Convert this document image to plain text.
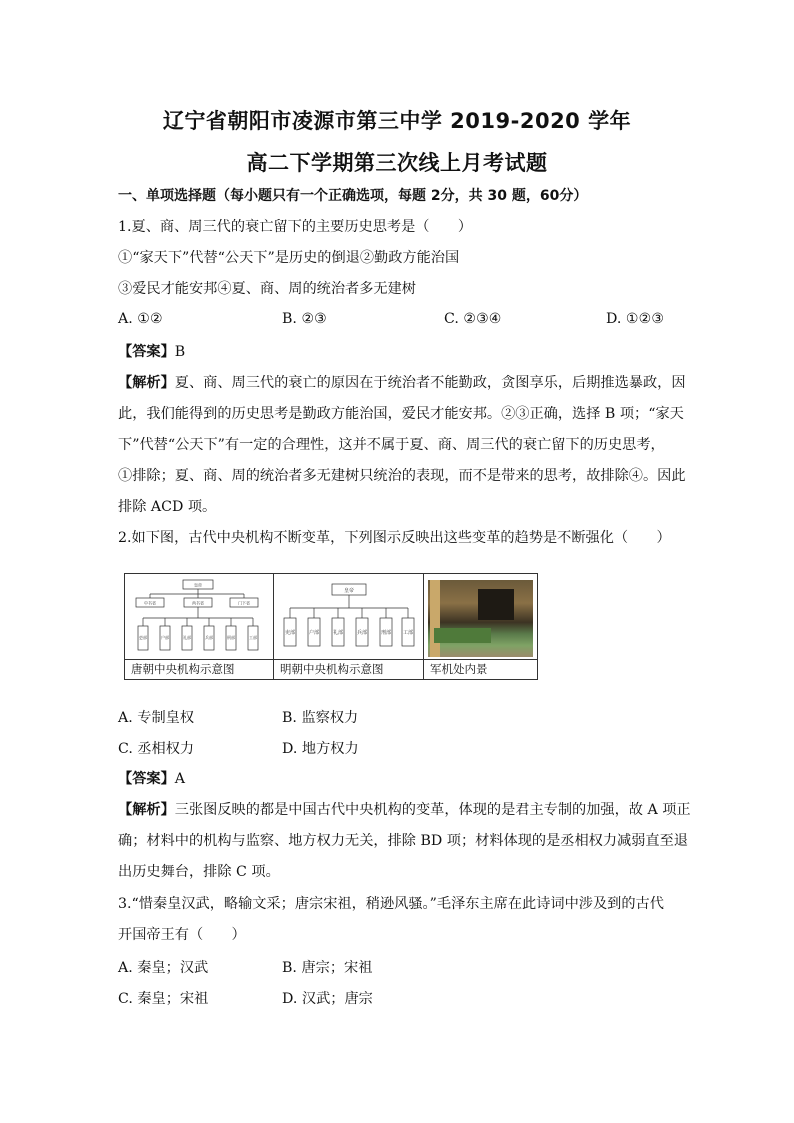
辽宁省朝阳市凌源市第三中学 2019-2020 学年
高二下学期第三次线上月考试题
一、单项选择题（每小题只有一个正确选项，每题 2分，共 30 题，60分）
1.夏、商、周三代的衰亡留下的主要历史思考是（　　）
①“家天下”代替“公天下”是历史的倒退②勤政方能治国
③爱民才能安邦④夏、商、周的统治者多无建树
A. ①②	B. ②③	C. ②③④	D. ①②③
【答案】B
【解析】夏、商、周三代的衰亡的原因在于统治者不能勤政，贪图享乐，后期推选暴政，因
此，我们能得到的历史思考是勤政方能治国，爱民才能安邦。②③正确，选择 B 项；“家天
下”代替“公天下”有一定的合理性，这并不属于夏、商、周三代的衰亡留下的历史思考，
①排除；夏、商、周的统治者多无建树只统治的表现，而不是带来的思考，故排除④。因此
排除 ACD 项。
2.如下图，古代中央机构不断变革，下列图示反映出这些变革的趋势是不断强化（　　）
皇帝
中书省	尚书省	门下省
吏部	户部	礼部	兵部	刑部	工部
唐朝中央机构示意图
皇帝
吏部	户部	礼部	兵部	刑部 工部
明朝中央机构示意图	军机处内景
A. 专制皇权	B. 监察权力
C. 丞相权力	D. 地方权力
【答案】A
【解析】三张图反映的都是中国古代中央机构的变革，体现的是君主专制的加强，故 A 项正
确；材料中的机构与监察、地方权力无关，排除 BD 项；材料体现的是丞相权力减弱直至退
出历史舞台，排除 C 项。
3.“惜秦皇汉武，略输文采；唐宗宋祖，稍逊风骚。”毛泽东主席在此诗词中涉及到的古代
开国帝王有（　　）
A. 秦皇；汉武	B. 唐宗；宋祖
C. 秦皇；宋祖	D. 汉武；唐宗
